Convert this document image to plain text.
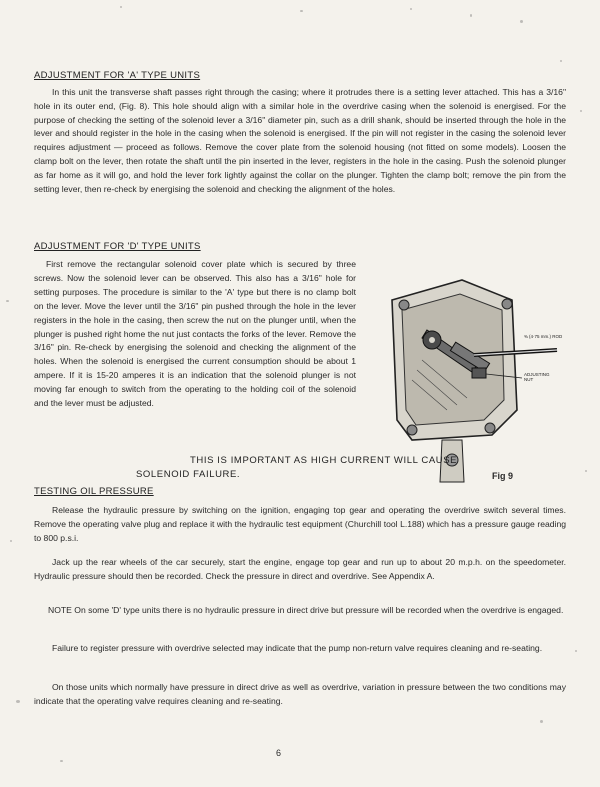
ADJUSTMENT FOR 'A' TYPE UNITS

In this unit the transverse shaft passes right through the casing; where it protrudes there is a setting lever attached. This has a 3/16" hole in its outer end, (Fig. 8). This hole should align with a similar hole in the overdrive casing when the solenoid is energised. For the purpose of checking the setting of the solenoid lever a 3/16" diameter pin, such as a drill shank, should be inserted through the hole in the lever and should register in the hole in the casing when the solenoid is energised. If the pin will not register in the casing the solenoid lever requires adjustment — proceed as follows. Remove the cover plate from the solenoid housing (not fitted on some models). Loosen the clamp bolt on the lever, then rotate the shaft until the pin inserted in the lever, registers in the hole in the casing. Push the solenoid plunger as far home as it will go, and hold the lever fork lightly against the collar on the plunger. Tighten the clamp bolt; remove the pin from the setting lever, then re-check by energising the solenoid and checking the alignment of the holes.

ADJUSTMENT FOR 'D' TYPE UNITS

First remove the rectangular solenoid cover plate which is secured by three screws. Now the solenoid lever can be observed. This also has a 3/16" hole for setting purposes. The procedure is similar to the 'A' type but there is no clamp bolt on the lever. Move the lever until the 3/16" pin pushed through the hole in the lever registers in the hole in the casing, then screw the nut on the plunger until, when the plunger is pushed right home the nut just contacts the forks of the lever. Remove the 3/16" pin. Re-check by energising the solenoid and checking the alignment of the holes. When the solenoid is energised the current consumption should be about 1 ampere. If it is 15-20 amperes it is an indication that the solenoid plunger is not moving far enough to switch from the operating to the holding coil of the solenoid and the lever must be adjusted.

⅜ (4·75 mm.) ROD
ADJUSTING NUT
Fig 9
THIS IS IMPORTANT AS HIGH CURRENT WILL CAUSE
SOLENOID FAILURE.
TESTING OIL PRESSURE

Release the hydraulic pressure by switching on the ignition, engaging top gear and operating the overdrive switch several times. Remove the operating valve plug and replace it with the hydraulic test equipment (Churchill tool L.188) which has a pressure gauge reading to 800 p.s.i.

Jack up the rear wheels of the car securely, start the engine, engage top gear and run up to about 20 m.p.h. on the speedometer. Hydraulic pressure should then be recorded. Check the pressure in direct and overdrive. See Appendix A.

NOTE On some 'D' type units there is no hydraulic pressure in direct drive but pressure will be recorded when the overdrive is engaged.

Failure to register pressure with overdrive selected may indicate that the pump non-return valve requires cleaning and re-seating.

On those units which normally have pressure in direct drive as well as overdrive, variation in pressure between the two conditions may indicate that the operating valve requires cleaning and re-seating.

6
